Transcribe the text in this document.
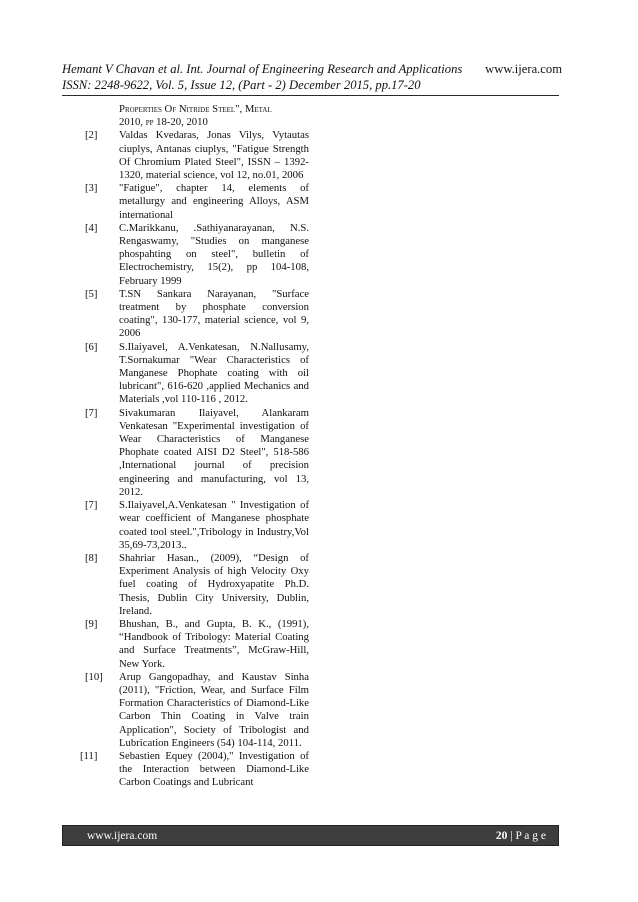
Hemant V Chavan et al. Int. Journal of Engineering Research and Applications www.ijera.com
ISSN: 2248-9622, Vol. 5, Issue 12, (Part - 2) December 2015, pp.17-20
Properties Of Nitride Steel", Metal
2010, pp 18-20, 2010
[2]	Valdas Kvedaras, Jonas Vilys, Vytautas ciuplys, Antanas ciuplys, "Fatigue Strength Of Chromium Plated Steel", ISSN – 1392-1320, material science, vol 12, no.01, 2006
[3]	"Fatigue", chapter 14, elements of metallurgy and engineering Alloys, ASM international
[4]	C.Marikkanu, .Sathiyanarayanan, N.S. Rengaswamy, "Studies on manganese phospahting on steel", bulletin of Electrochemistry, 15(2), pp 104-108, February 1999
[5]	T.SN Sankara Narayanan, "Surface treatment by phosphate conversion coating", 130-177, material science, vol 9, 2006
[6]	S.Ilaiyavel, A.Venkatesan, N.Nallusamy, T.Sornakumar "Wear Characteristics of Manganese Phophate coating with oil lubricant", 616-620 ,applied Mechanics and Materials ,vol 110-116 , 2012.
[7]	Sivakumaran Ilaiyavel, Alankaram Venkatesan "Experimental investigation of Wear Characteristics of Manganese Phophate coated AISI D2 Steel", 518-586 ,International journal of precision engineering and manufacturing, vol 13, 2012.
[7]	S.Ilaiyavel,A.Venkatesan " Investigation of wear coefficient of Manganese phosphate coated tool steel.",Tribology in Industry,Vol 35,69-73,2013..
[8]	Shahriar Hasan., (2009), “Design of Experiment Analysis of high Velocity Oxy fuel coating of Hydroxyapatite Ph.D. Thesis, Dublin City University, Dublin, Ireland.
[9]	Bhushan, B., and Gupta, B. K., (1991), “Handbook of Tribology: Material Coating and Surface Treatments”, McGraw-Hill, New York.
[10]	Arup Gangopadhay, and Kaustav Sinha (2011), "Friction, Wear, and Surface Film Formation Characteristics of Diamond-Like Carbon Thin Coating in Valve train Application", Society of Tribologist and Lubrication Engineers (54) 104-114, 2011.
[11]	Sebastien Equey (2004)," Investigation of the Interaction between Diamond-Like Carbon Coatings and Lubricant
www.ijera.com	20 | P a g e
